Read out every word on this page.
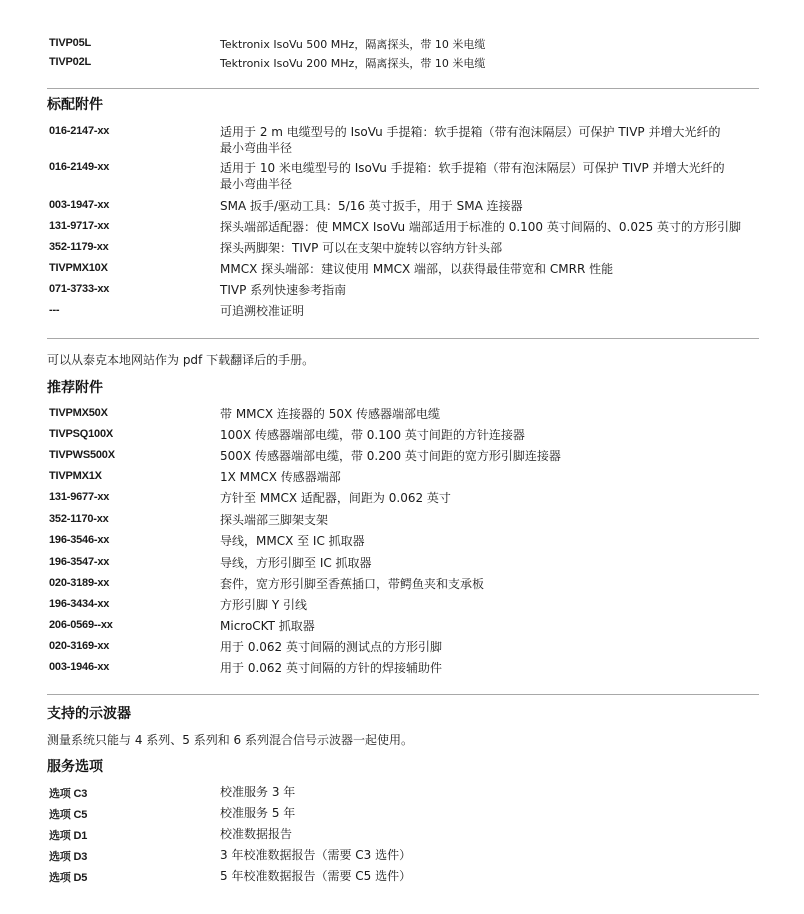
TIVP05L	Tektronix IsoVu 500 MHz，隔离探头，带 10 米电缆
TIVP02L	Tektronix IsoVu 200 MHz，隔离探头，带 10 米电缆
标配附件
016-2147-xx	适用于 2 m 电缆型号的 IsoVu 手提箱：软手提箱（带有泡沫隔层）可保护 TIVP 并增大光纤的
最小弯曲半径
016-2149-xx	适用于 10 米电缆型号的 IsoVu 手提箱：软手提箱（带有泡沫隔层）可保护 TIVP 并增大光纤的
最小弯曲半径
003-1947-xx	SMA 扳手/驱动工具：5/16 英寸扳手，用于 SMA 连接器
131-9717-xx	探头端部适配器：使 MMCX IsoVu 端部适用于标准的 0.100 英寸间隔的、0.025 英寸的方形引脚
352-1179-xx	探头两脚架：TIVP 可以在支架中旋转以容纳方针头部
TIVPMX10X	MMCX 探头端部：建议使用 MMCX 端部，以获得最佳带宽和 CMRR 性能
071-3733-xx	TIVP 系列快速参考指南
---	可追溯校准证明
可以从泰克本地网站作为 pdf 下载翻译后的手册。
推荐附件
TIVPMX50X	带 MMCX 连接器的 50X 传感器端部电缆
TIVPSQ100X	100X 传感器端部电缆，带 0.100 英寸间距的方针连接器
TIVPWS500X	500X 传感器端部电缆，带 0.200 英寸间距的宽方形引脚连接器
TIVPMX1X	1X MMCX 传感器端部
131-9677-xx	方针至 MMCX 适配器，间距为 0.062 英寸
352-1170-xx	探头端部三脚架支架
196-3546-xx	导线，MMCX 至 IC 抓取器
196-3547-xx	导线，方形引脚至 IC 抓取器
020-3189-xx	套件，宽方形引脚至香蕉插口，带鳄鱼夹和支承板
196-3434-xx	方形引脚 Y 引线
206-0569--xx	MicroCKT 抓取器
020-3169-xx	用于 0.062 英寸间隔的测试点的方形引脚
003-1946-xx	用于 0.062 英寸间隔的方针的焊接辅助件
支持的示波器
测量系统只能与 4 系列、5 系列和 6 系列混合信号示波器一起使用。
服务选项
选项 C3	校准服务 3 年
选项 C5	校准服务 5 年
选项 D1	校准数据报告
选项 D3	3 年校准数据报告（需要 C3 选件）
选项 D5	5 年校准数据报告（需要 C5 选件）
